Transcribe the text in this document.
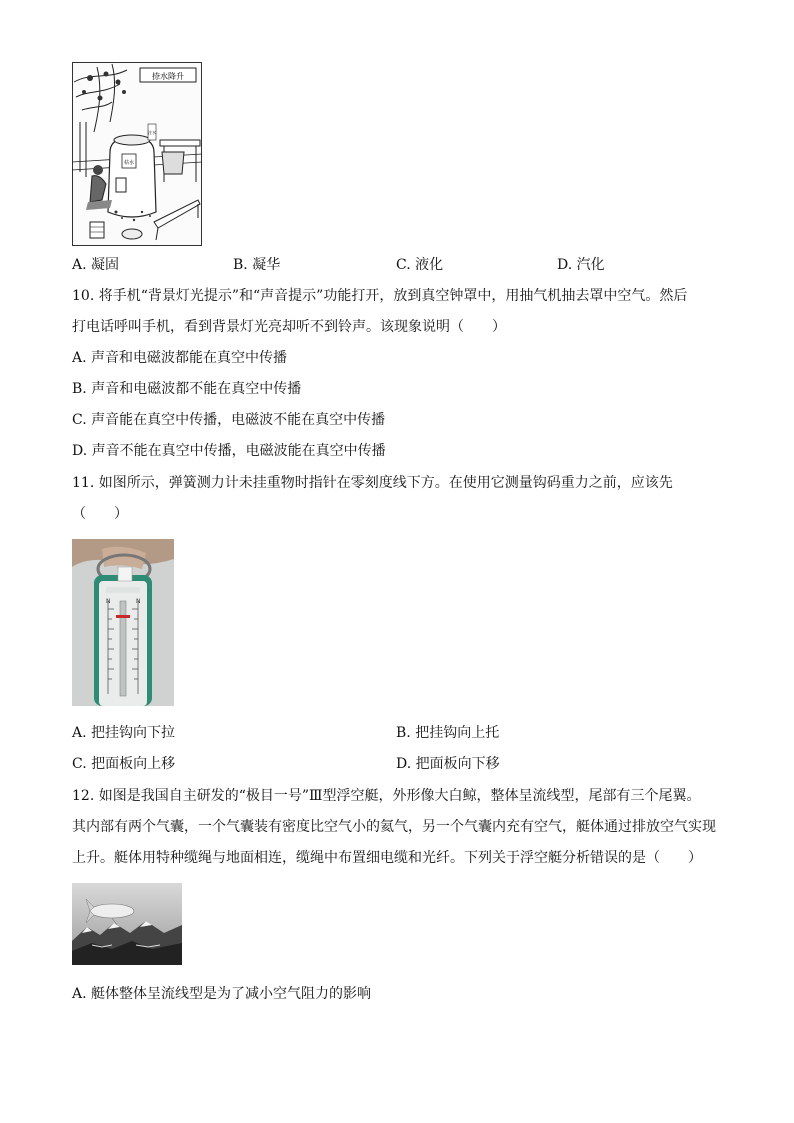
捺水降升
枯水
注水
A. 凝固	B. 凝华	C. 液化	D. 汽化
10. 将手机“背景灯光提示”和“声音提示”功能打开，放到真空钟罩中，用抽气机抽去罩中空气。然后
打电话呼叫手机，看到背景灯光亮却听不到铃声。该现象说明（　　）
A. 声音和电磁波都能在真空中传播
B. 声音和电磁波都不能在真空中传播
C. 声音能在真空中传播，电磁波不能在真空中传播
D. 声音不能在真空中传播，电磁波能在真空中传播
11. 如图所示，弹簧测力计未挂重物时指针在零刻度线下方。在使用它测量钩码重力之前，应该先
（　　）
N	N
A. 把挂钩向下拉	B. 把挂钩向上托
C. 把面板向上移	D. 把面板向下移
12. 如图是我国自主研发的“极目一号”Ⅲ型浮空艇，外形像大白鲸，整体呈流线型，尾部有三个尾翼。
其内部有两个气囊，一个气囊装有密度比空气小的氦气，另一个气囊内充有空气，艇体通过排放空气实现
上升。艇体用特种缆绳与地面相连，缆绳中布置细电缆和光纤。下列关于浮空艇分析错误的是（　　）
A. 艇体整体呈流线型是为了减小空气阻力的影响
